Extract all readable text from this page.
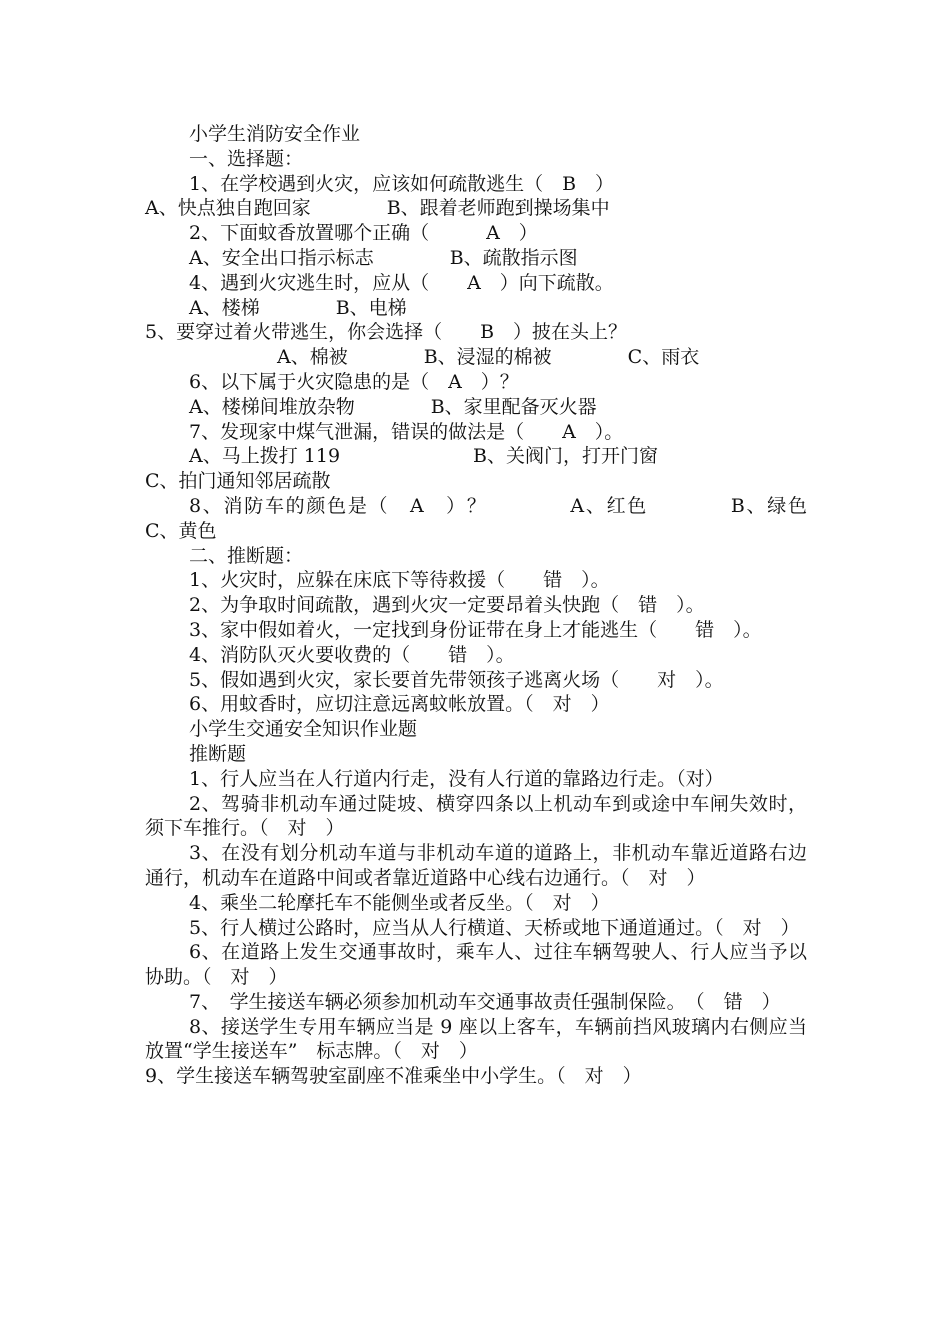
小学生消防安全作业

一、选择题：

1、在学校遇到火灾，应该如何疏散逃生（　B　）

A、快点独自跑回家　　　　B、跟着老师跑到操场集中

2、下面蚊香放置哪个正确（　　　A　）

A、安全出口指示标志　　　　B、疏散指示图

4、遇到火灾逃生时，应从（　　A　）向下疏散。

A、楼梯　　　　B、电梯

5、要穿过着火带逃生，你会选择（　　B　）披在头上？

A、棉被　　　　B、浸湿的棉被　　　　C、雨衣

6、以下属于火灾隐患的是（　A　）？

A、楼梯间堆放杂物　　　　B、家里配备灭火器

7、发现家中煤气泄漏，错误的做法是（　　A　）。

A、马上拨打 119　　　　　　　B、关阀门，打开门窗

C、拍门通知邻居疏散

8、消防车的颜色是（　A　）？　　　　A、红色　　　　B、绿色　　　　　C、黄色

二、推断题：

1、火灾时，应躲在床底下等待救援（　　错　）。

2、为争取时间疏散，遇到火灾一定要昂着头快跑（　错　）。

3、家中假如着火，一定找到身份证带在身上才能逃生（　　错　）。

4、消防队灭火要收费的（　　错　）。

5、假如遇到火灾，家长要首先带领孩子逃离火场（　　对　）。

6、用蚊香时，应切注意远离蚊帐放置。（　对　）

小学生交通安全知识作业题

推断题

1、行人应当在人行道内行走，没有人行道的靠路边行走。（对）

2、驾骑非机动车通过陡坡、横穿四条以上机动车到或途中车闸失效时，须下车推行。（　对　）

3、在没有划分机动车道与非机动车道的道路上，非机动车靠近道路右边通行，机动车在道路中间或者靠近道路中心线右边通行。（　对　）

4、乘坐二轮摩托车不能侧坐或者反坐。（　对　）

5、行人横过公路时，应当从人行横道、天桥或地下通道通过。（　对　）

6、在道路上发生交通事故时，乘车人、过往车辆驾驶人、行人应当予以协助。（　对　）

7、　学生接送车辆必须参加机动车交通事故责任强制保险。　（　错　）

8、接送学生专用车辆应当是 9 座以上客车，车辆前挡风玻璃内右侧应当放置“学生接送车”　标志牌。（　对　）

9、学生接送车辆驾驶室副座不准乘坐中小学生。（　对　）
